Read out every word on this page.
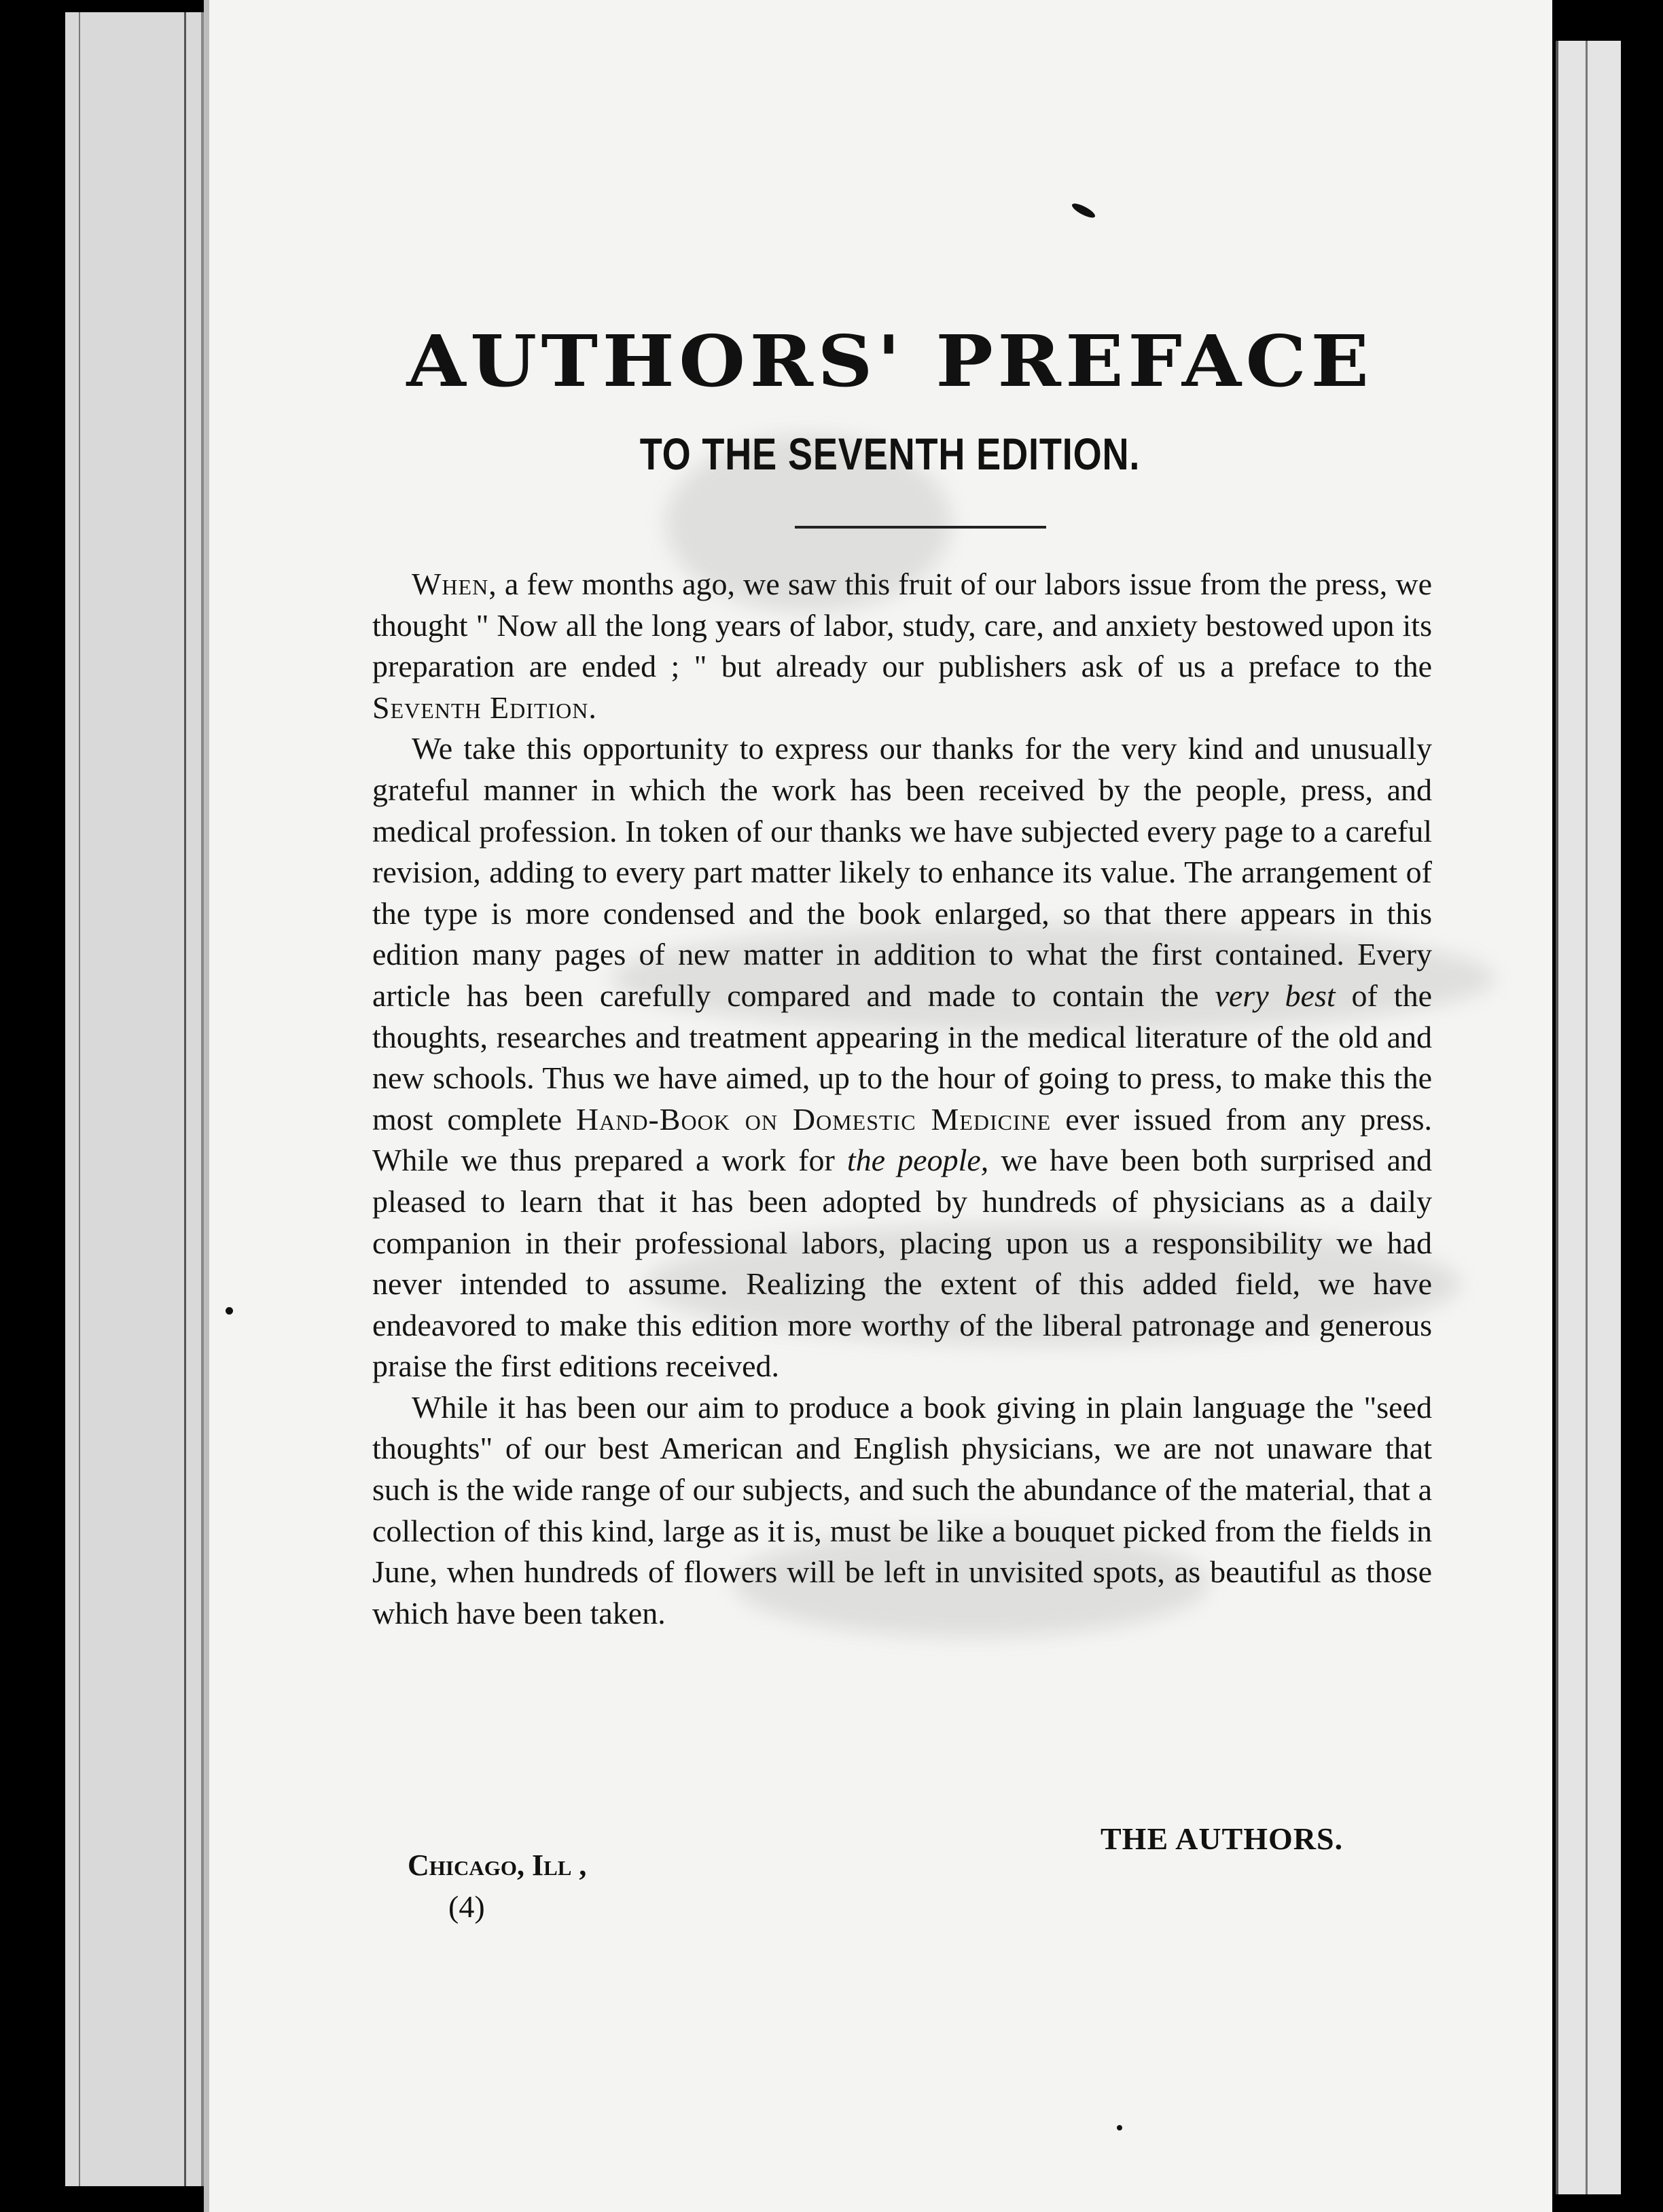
AUTHORS' PREFACE
TO THE SEVENTH EDITION.

When, a few months ago, we saw this fruit of our labors issue from the press, we thought " Now all the long years of labor, study, care, and anxiety bestowed upon its preparation are ended ; " but already our publishers ask of us a preface to the Seventh Edition.

We take this opportunity to express our thanks for the very kind and unusually grateful manner in which the work has been received by the people, press, and medical profession. In token of our thanks we have subjected every page to a careful revision, adding to every part matter likely to enhance its value. The arrangement of the type is more condensed and the book enlarged, so that there appears in this edition many pages of new matter in addition to what the first contained. Every article has been carefully compared and made to contain the very best of the thoughts, researches and treatment appearing in the medical literature of the old and new schools. Thus we have aimed, up to the hour of going to press, to make this the most complete Hand-Book on Domestic Medicine ever issued from any press. While we thus prepared a work for the people, we have been both surprised and pleased to learn that it has been adopted by hundreds of physicians as a daily companion in their professional labors, placing upon us a responsibility we had never intended to assume. Realizing the extent of this added field, we have endeavored to make this edition more worthy of the liberal patronage and generous praise the first editions received.

While it has been our aim to produce a book giving in plain language the "seed thoughts" of our best American and English physicians, we are not unaware that such is the wide range of our subjects, and such the abundance of the material, that a collection of this kind, large as it is, must be like a bouquet picked from the fields in June, when hundreds of flowers will be left in unvisited spots, as beautiful as those which have been taken.

THE AUTHORS.
Chicago, Ill ,
(4)
